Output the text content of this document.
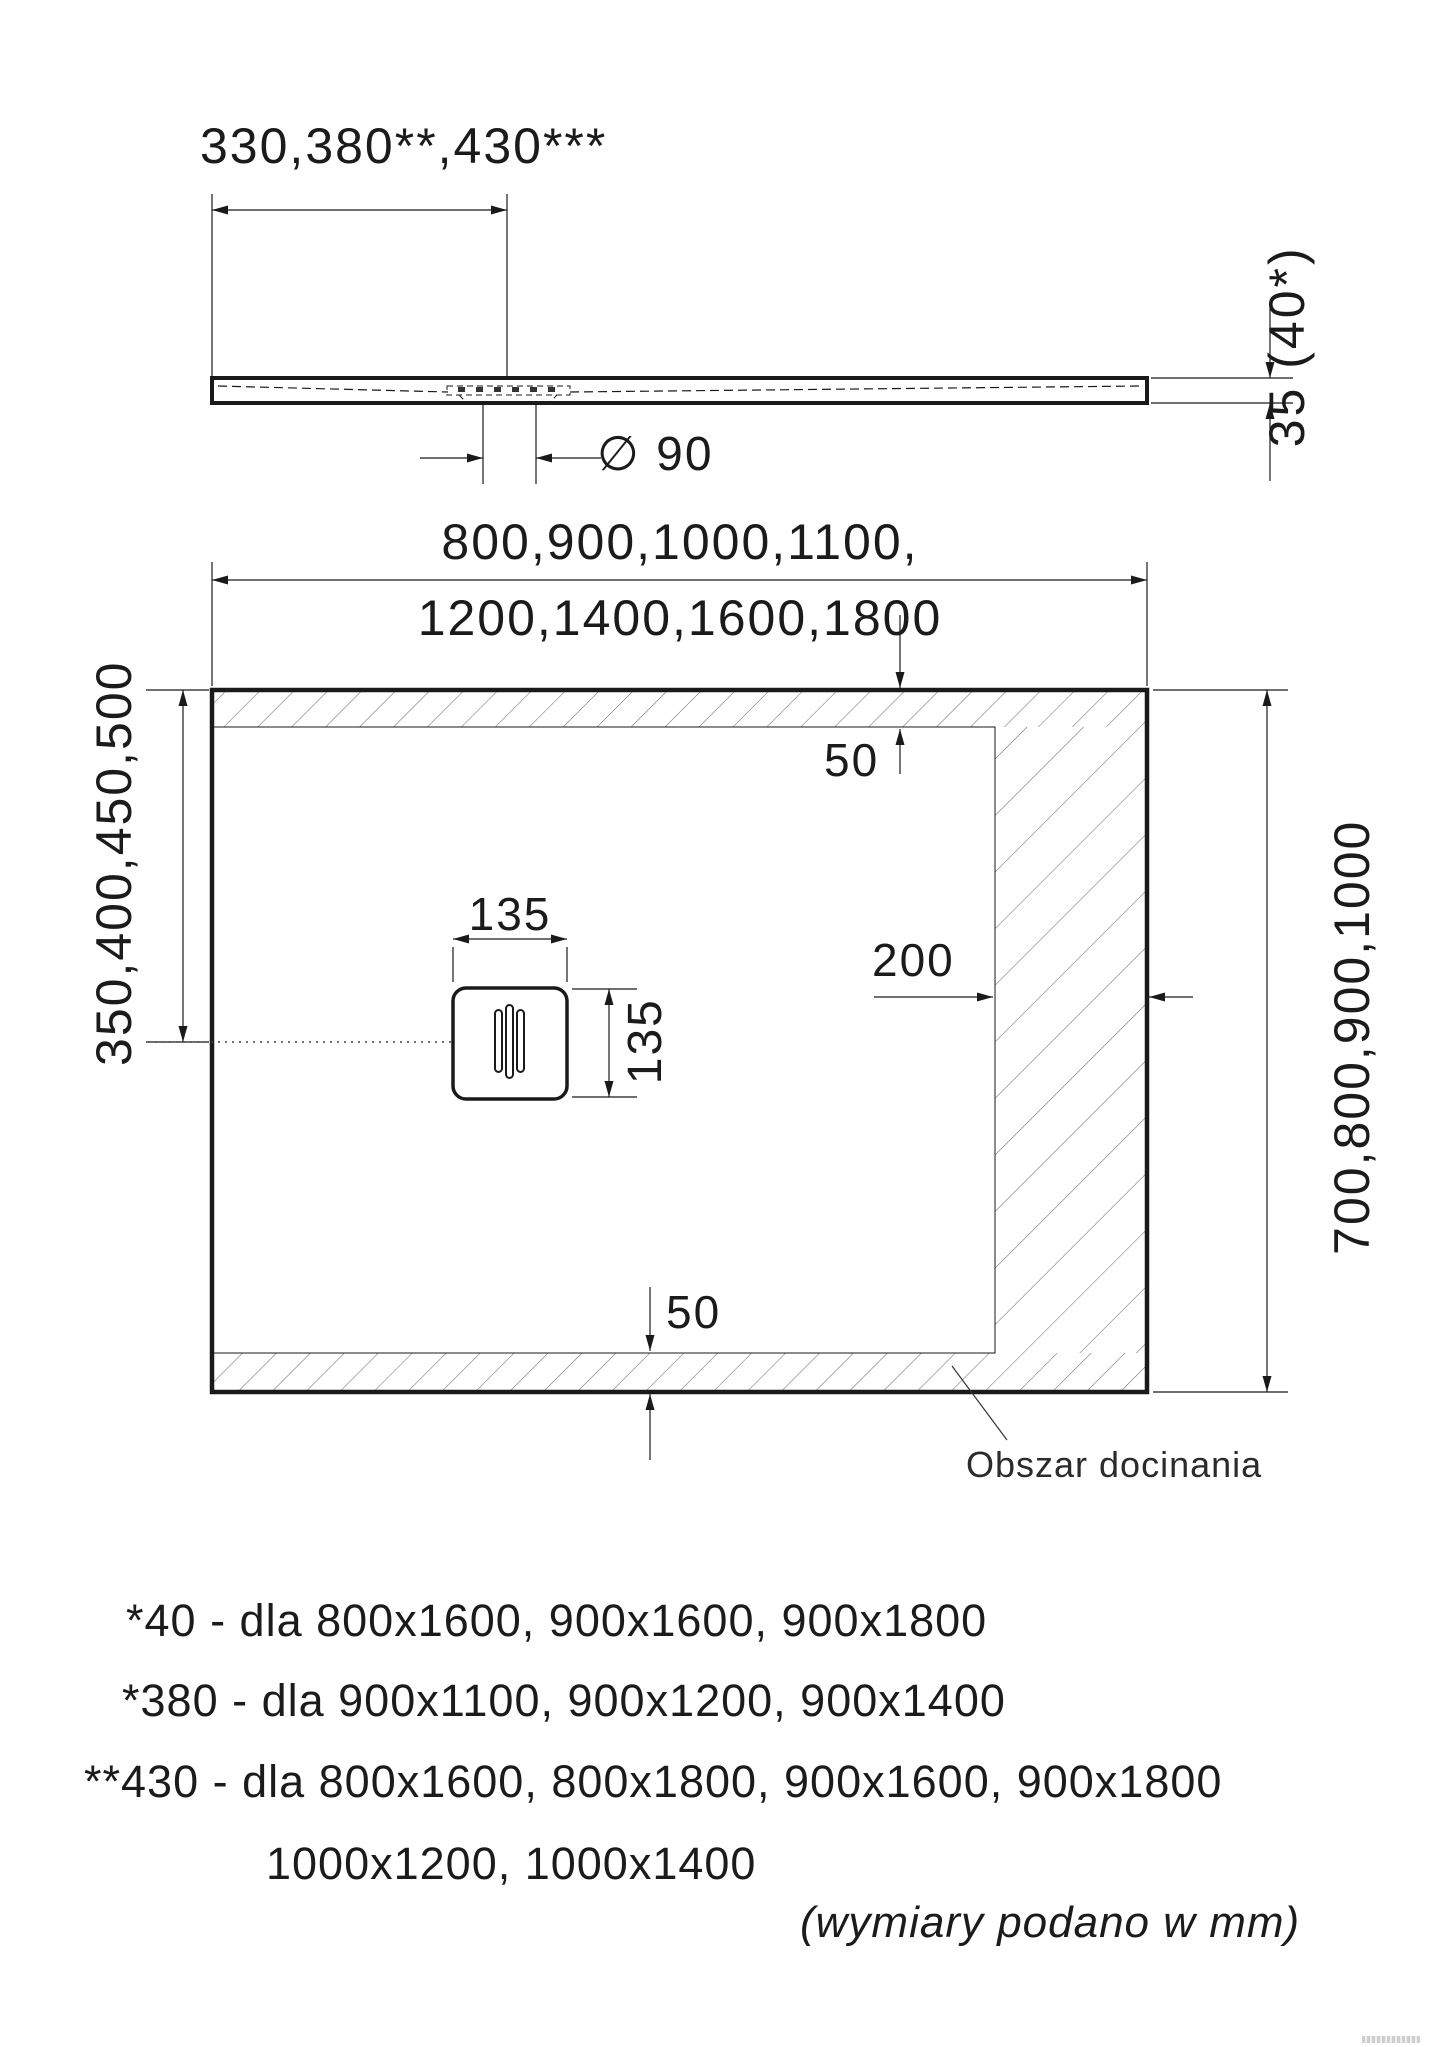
330,380**,430***
35 (40*)
∅ 90
800,900,1000,1100,
1200,1400,1600,1800
50
350,400,450,500	135
135
200	700,800,900,1000
50
Obszar docinania
*40 - dla 800x1600, 900x1600, 900x1800
*380 - dla 900x1100, 900x1200, 900x1400
**430 - dla 800x1600, 800x1800, 900x1600, 900x1800
1000x1200, 1000x1400
(wymiary podano w mm)
